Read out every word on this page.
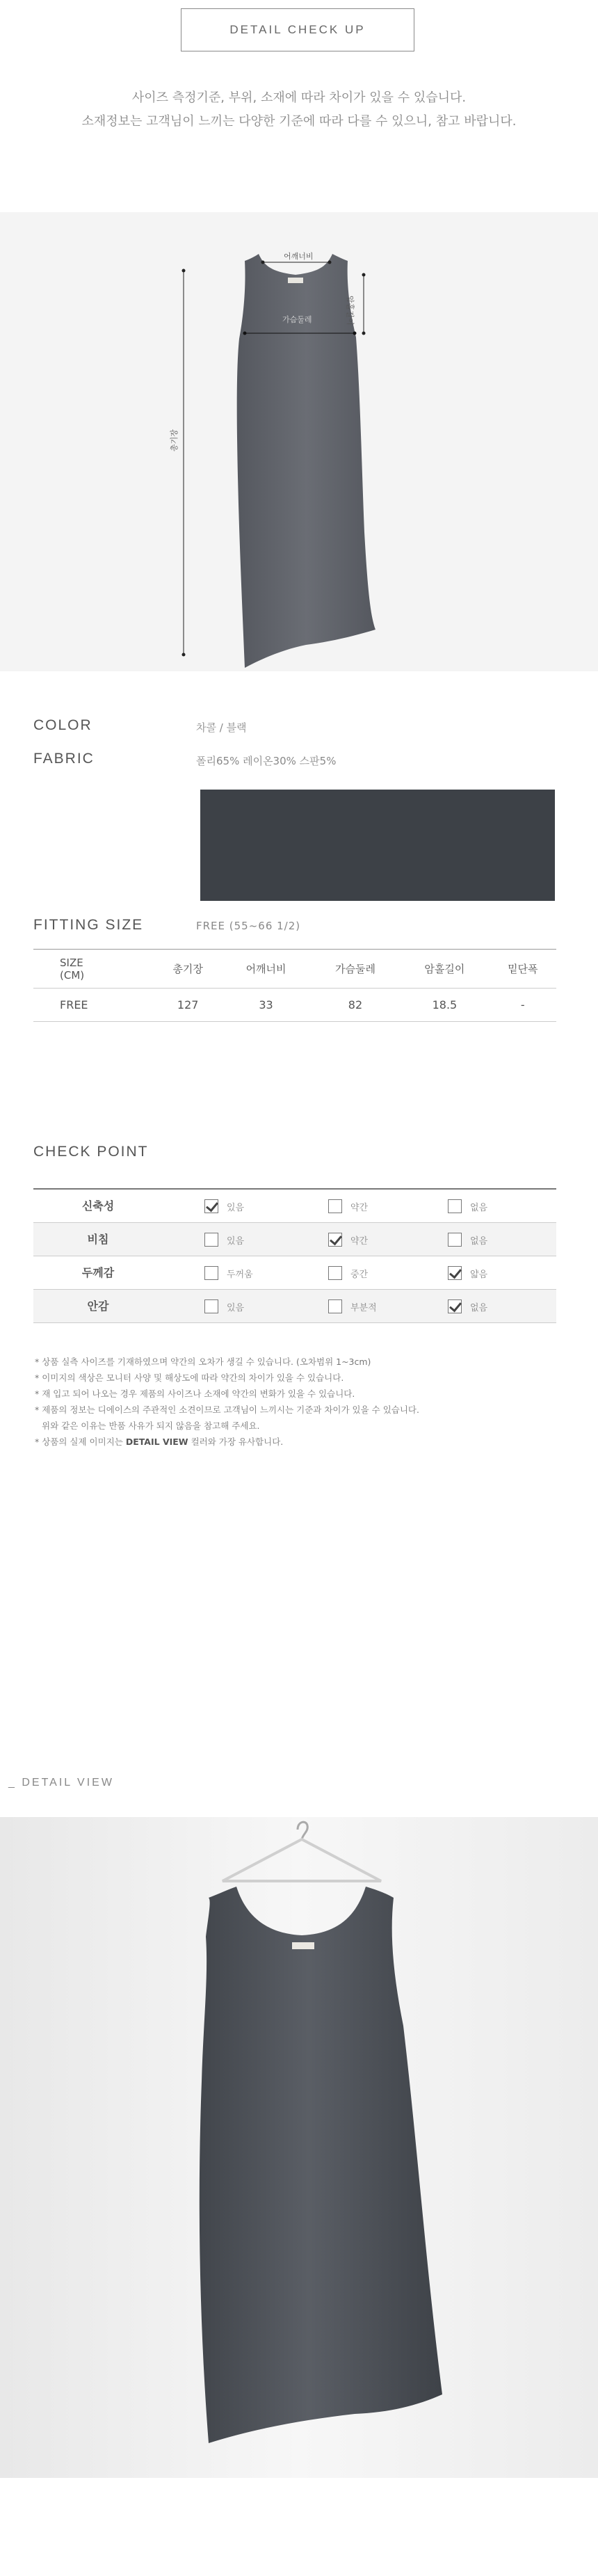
DETAIL CHECK UP
사이즈 측정기준, 부위, 소재에 따라 차이가 있을 수 있습니다.
소재정보는 고객님이 느끼는 다양한 기준에 따라 다를 수 있으니, 참고 바랍니다.
어깨너비
가슴둘레	암홀길이
총기장
COLOR	차콜 / 블랙
FABRIC	폴리65% 레이온30% 스판5%
FITTING SIZE	FREE (55~66 1/2)
SIZE
(CM)	총기장	어깨너비	가슴둘레	암홀길이	밑단폭
FREE	127	33	82	18.5	-
CHECK POINT
신축성	있음	약간	없음
비침	있음	약간	없음
두께감	두꺼움	중간	얇음
안감	있음	부분적	없음
* 상품 실측 사이즈를 기재하였으며 약간의 오차가 생길 수 있습니다. (오차범위 1~3cm)
* 이미지의 색상은 모니터 사양 및 해상도에 따라 약간의 차이가 있을 수 있습니다.
* 재 입고 되어 나오는 경우 제품의 사이즈나 소재에 약간의 변화가 있을 수 있습니다.
* 제품의 정보는 디에이스의 주관적인 소견이므로 고객님이 느끼시는 기준과 차이가 있을 수 있습니다.
위와 같은 이유는 반품 사유가 되지 않음을 참고해 주세요.
* 상품의 실제 이미지는 DETAIL VIEW 컬러와 가장 유사합니다.
_ DETAIL VIEW
